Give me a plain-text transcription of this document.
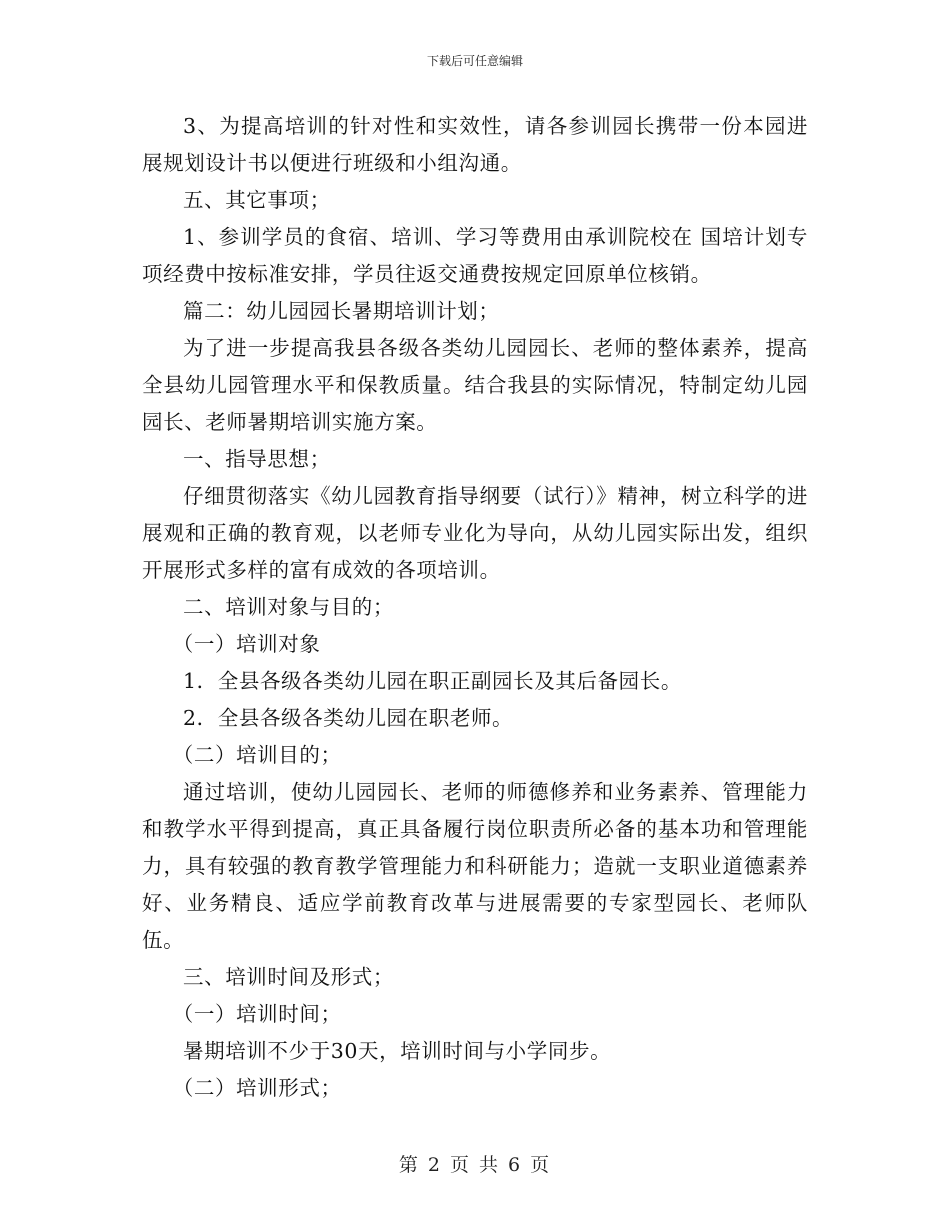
下载后可任意编辑

3、为提高培训的针对性和实效性，请各参训园长携带一份本园进展规划设计书以便进行班级和小组沟通。

五、其它事项；

1、参训学员的食宿、培训、学习等费用由承训院校在 国培计划专项经费中按标准安排，学员往返交通费按规定回原单位核销。

篇二：幼儿园园长暑期培训计划；

为了进一步提高我县各级各类幼儿园园长、老师的整体素养，提高全县幼儿园管理水平和保教质量。结合我县的实际情况，特制定幼儿园园长、老师暑期培训实施方案。

一、指导思想；

仔细贯彻落实《幼儿园教育指导纲要（试行）》精神，树立科学的进展观和正确的教育观，以老师专业化为导向，从幼儿园实际出发，组织开展形式多样的富有成效的各项培训。

二、培训对象与目的；

（一）培训对象

1．全县各级各类幼儿园在职正副园长及其后备园长。

2．全县各级各类幼儿园在职老师。

（二）培训目的；

通过培训，使幼儿园园长、老师的师德修养和业务素养、管理能力和教学水平得到提高，真正具备履行岗位职责所必备的基本功和管理能力，具有较强的教育教学管理能力和科研能力；造就一支职业道德素养好、业务精良、适应学前教育改革与进展需要的专家型园长、老师队伍。

三、培训时间及形式；

（一）培训时间；

暑期培训不少于30天，培训时间与小学同步。

（二）培训形式；

第 2 页 共 6 页
